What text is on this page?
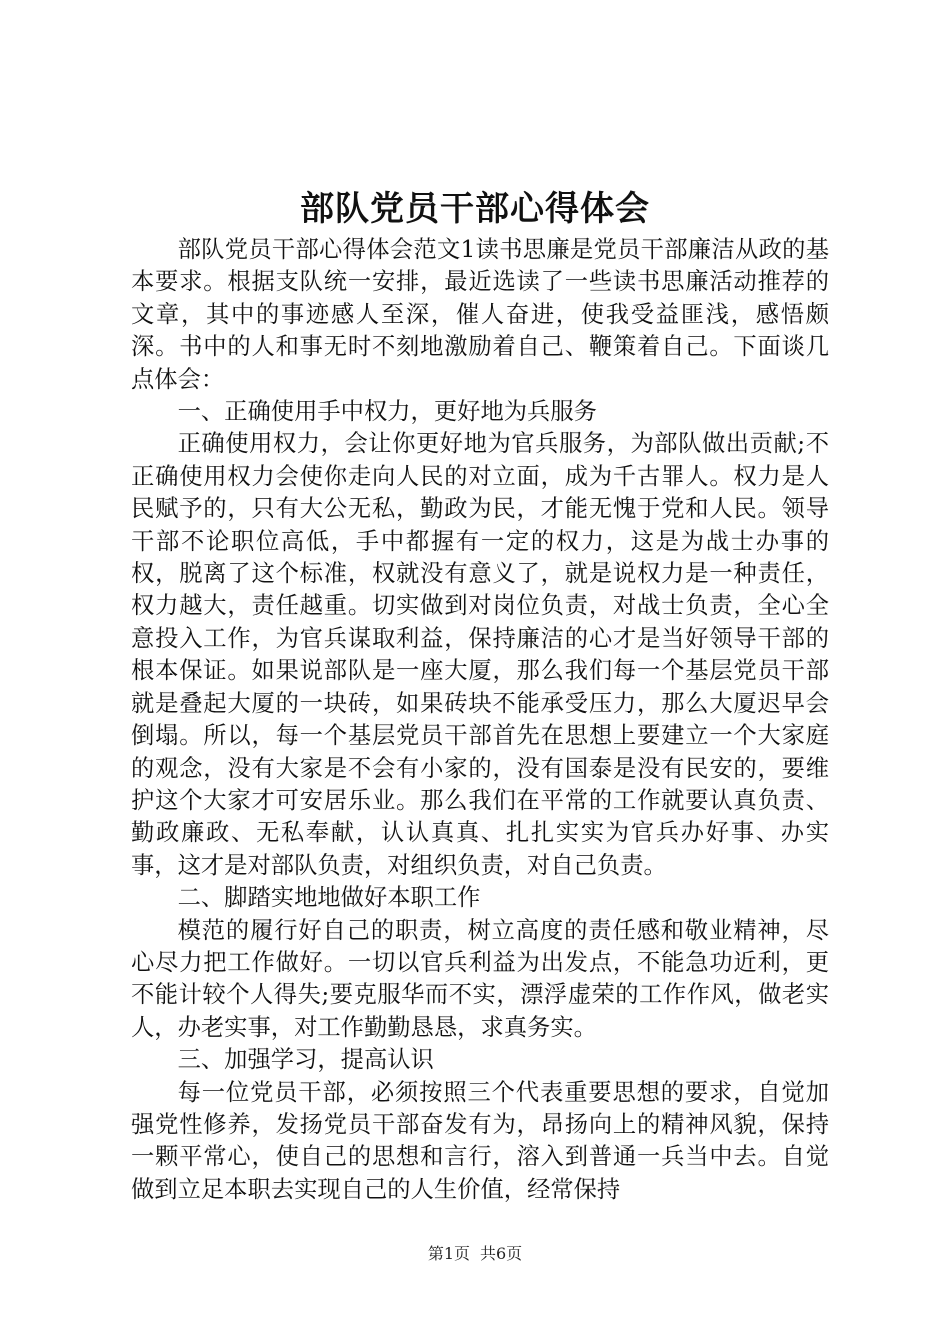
部队党员干部心得体会

部队党员干部心得体会范文1读书思廉是党员干部廉洁从政的基本要求。根据支队统一安排，最近选读了一些读书思廉活动推荐的文章，其中的事迹感人至深，催人奋进，使我受益匪浅，感悟颇深。书中的人和事无时不刻地激励着自己、鞭策着自己。下面谈几点体会：

一、正确使用手中权力，更好地为兵服务

正确使用权力，会让你更好地为官兵服务，为部队做出贡献;不正确使用权力会使你走向人民的对立面，成为千古罪人。权力是人民赋予的，只有大公无私，勤政为民，才能无愧于党和人民。领导干部不论职位高低，手中都握有一定的权力，这是为战士办事的权，脱离了这个标准，权就没有意义了，就是说权力是一种责任，权力越大，责任越重。切实做到对岗位负责，对战士负责，全心全意投入工作，为官兵谋取利益，保持廉洁的心才是当好领导干部的根本保证。如果说部队是一座大厦，那么我们每一个基层党员干部就是叠起大厦的一块砖，如果砖块不能承受压力，那么大厦迟早会倒塌。所以，每一个基层党员干部首先在思想上要建立一个大家庭的观念，没有大家是不会有小家的，没有国泰是没有民安的，要维护这个大家才可安居乐业。那么我们在平常的工作就要认真负责、勤政廉政、无私奉献，认认真真、扎扎实实为官兵办好事、办实事，这才是对部队负责，对组织负责，对自己负责。

二、脚踏实地地做好本职工作

模范的履行好自己的职责，树立高度的责任感和敬业精神，尽心尽力把工作做好。一切以官兵利益为出发点，不能急功近利，更不能计较个人得失;要克服华而不实，漂浮虚荣的工作作风，做老实人，办老实事，对工作勤勤恳恳，求真务实。

三、加强学习，提高认识

每一位党员干部，必须按照三个代表重要思想的要求，自觉加强党性修养，发扬党员干部奋发有为，昂扬向上的精神风貌，保持一颗平常心，使自己的思想和言行，溶入到普通一兵当中去。自觉做到立足本职去实现自己的人生价值，经常保持

第1页 共6页
